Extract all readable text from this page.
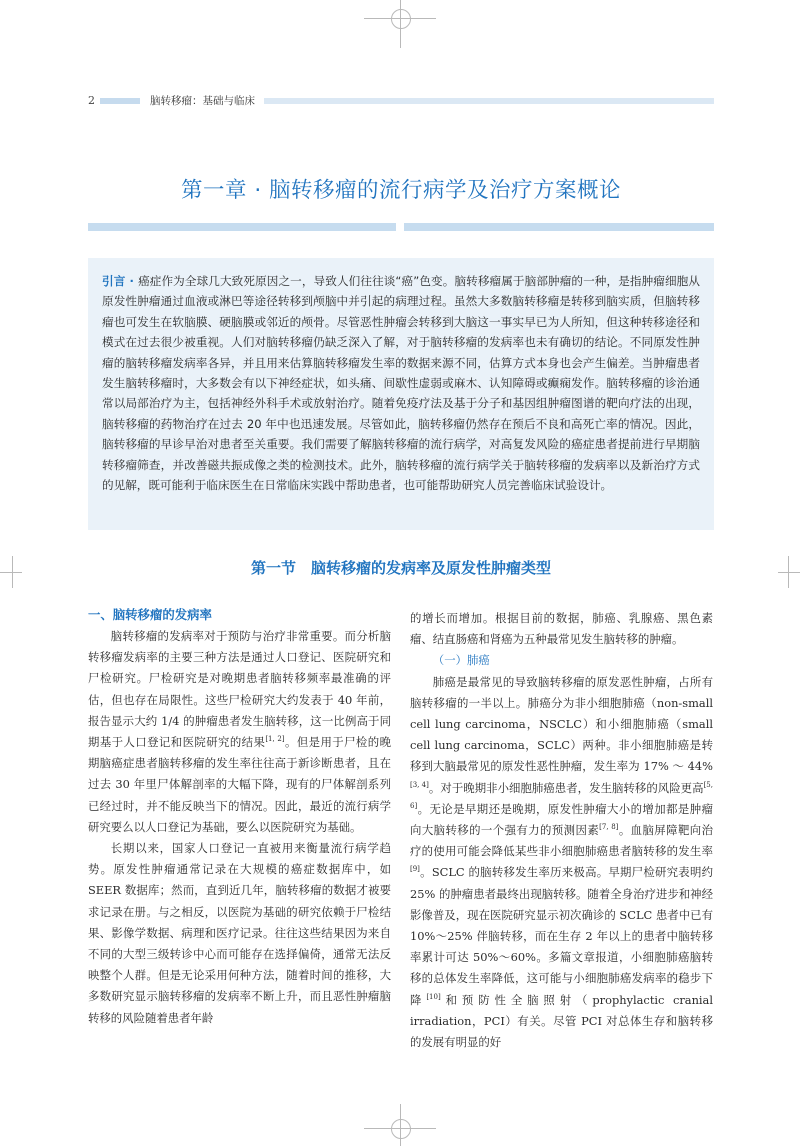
2	脑转移瘤：基础与临床
第一章 · 脑转移瘤的流行病学及治疗方案概论

引言 · 癌症作为全球几大致死原因之一，导致人们往往谈“癌”色变。脑转移瘤属于脑部肿瘤的一种，是指肿瘤细胞从原发性肿瘤通过血液或淋巴等途径转移到颅脑中并引起的病理过程。虽然大多数脑转移瘤是转移到脑实质，但脑转移瘤也可发生在软脑膜、硬脑膜或邻近的颅骨。尽管恶性肿瘤会转移到大脑这一事实早已为人所知，但这种转移途径和模式在过去很少被重视。人们对脑转移瘤仍缺乏深入了解，对于脑转移瘤的发病率也未有确切的结论。不同原发性肿瘤的脑转移瘤发病率各异，并且用来估算脑转移瘤发生率的数据来源不同，估算方式本身也会产生偏差。当肿瘤患者发生脑转移瘤时，大多数会有以下神经症状，如头痛、间歇性虚弱或麻木、认知障碍或癫痫发作。脑转移瘤的诊治通常以局部治疗为主，包括神经外科手术或放射治疗。随着免疫疗法及基于分子和基因组肿瘤图谱的靶向疗法的出现，脑转移瘤的药物治疗在过去 20 年中也迅速发展。尽管如此，脑转移瘤仍然存在预后不良和高死亡率的情况。因此，脑转移瘤的早诊早治对患者至关重要。我们需要了解脑转移瘤的流行病学，对高复发风险的癌症患者提前进行早期脑转移瘤筛查，并改善磁共振成像之类的检测技术。此外，脑转移瘤的流行病学关于脑转移瘤的发病率以及新治疗方式的见解，既可能利于临床医生在日常临床实践中帮助患者，也可能帮助研究人员完善临床试验设计。

第一节　脑转移瘤的发病率及原发性肿瘤类型

一、脑转移瘤的发病率

脑转移瘤的发病率对于预防与治疗非常重要。而分析脑转移瘤发病率的主要三种方法是通过人口登记、医院研究和尸检研究。尸检研究是对晚期患者脑转移频率最准确的评估，但也存在局限性。这些尸检研究大约发表于 40 年前，报告显示大约 1/4 的肿瘤患者发生脑转移，这一比例高于同期基于人口登记和医院研究的结果[1, 2]。但是用于尸检的晚期脑癌症患者脑转移瘤的发生率往往高于新诊断患者，且在过去 30 年里尸体解剖率的大幅下降，现有的尸体解剖系列已经过时，并不能反映当下的情况。因此，最近的流行病学研究要么以人口登记为基础，要么以医院研究为基础。

长期以来，国家人口登记一直被用来衡量流行病学趋势。原发性肿瘤通常记录在大规模的癌症数据库中，如 SEER 数据库；然而，直到近几年，脑转移瘤的数据才被要求记录在册。与之相反，以医院为基础的研究依赖于尸检结果、影像学数据、病理和医疗记录。往往这些结果因为来自不同的大型三级转诊中心而可能存在选择偏倚，通常无法反映整个人群。但是无论采用何种方法，随着时间的推移，大多数研究显示脑转移瘤的发病率不断上升，而且恶性肿瘤脑转移的风险随着患者年龄

的增长而增加。根据目前的数据，肺癌、乳腺癌、黑色素瘤、结直肠癌和肾癌为五种最常见发生脑转移的肿瘤。

（一）肺癌

肺癌是最常见的导致脑转移瘤的原发恶性肿瘤，占所有脑转移瘤的一半以上。肺癌分为非小细胞肺癌（non-small cell lung carcinoma，NSCLC）和小细胞肺癌（small cell lung carcinoma，SCLC）两种。非小细胞肺癌是转移到大脑最常见的原发性恶性肿瘤，发生率为 17% ～ 44%[3, 4]。对于晚期非小细胞肺癌患者，发生脑转移的风险更高[5, 6]。无论是早期还是晚期，原发性肿瘤大小的增加都是肿瘤向大脑转移的一个强有力的预测因素[7, 8]。血脑屏障靶向治疗的使用可能会降低某些非小细胞肺癌患者脑转移的发生率[9]。SCLC 的脑转移发生率历来极高。早期尸检研究表明约 25% 的肿瘤患者最终出现脑转移。随着全身治疗进步和神经影像普及，现在医院研究显示初次确诊的 SCLC 患者中已有 10%～25% 伴脑转移，而在生存 2 年以上的患者中脑转移率累计可达 50%～60%。多篇文章报道，小细胞肺癌脑转移的总体发生率降低，这可能与小细胞肺癌发病率的稳步下降[10]和预防性全脑照射（prophylactic cranial irradiation，PCI）有关。尽管 PCI 对总体生存和脑转移的发展有明显的好
